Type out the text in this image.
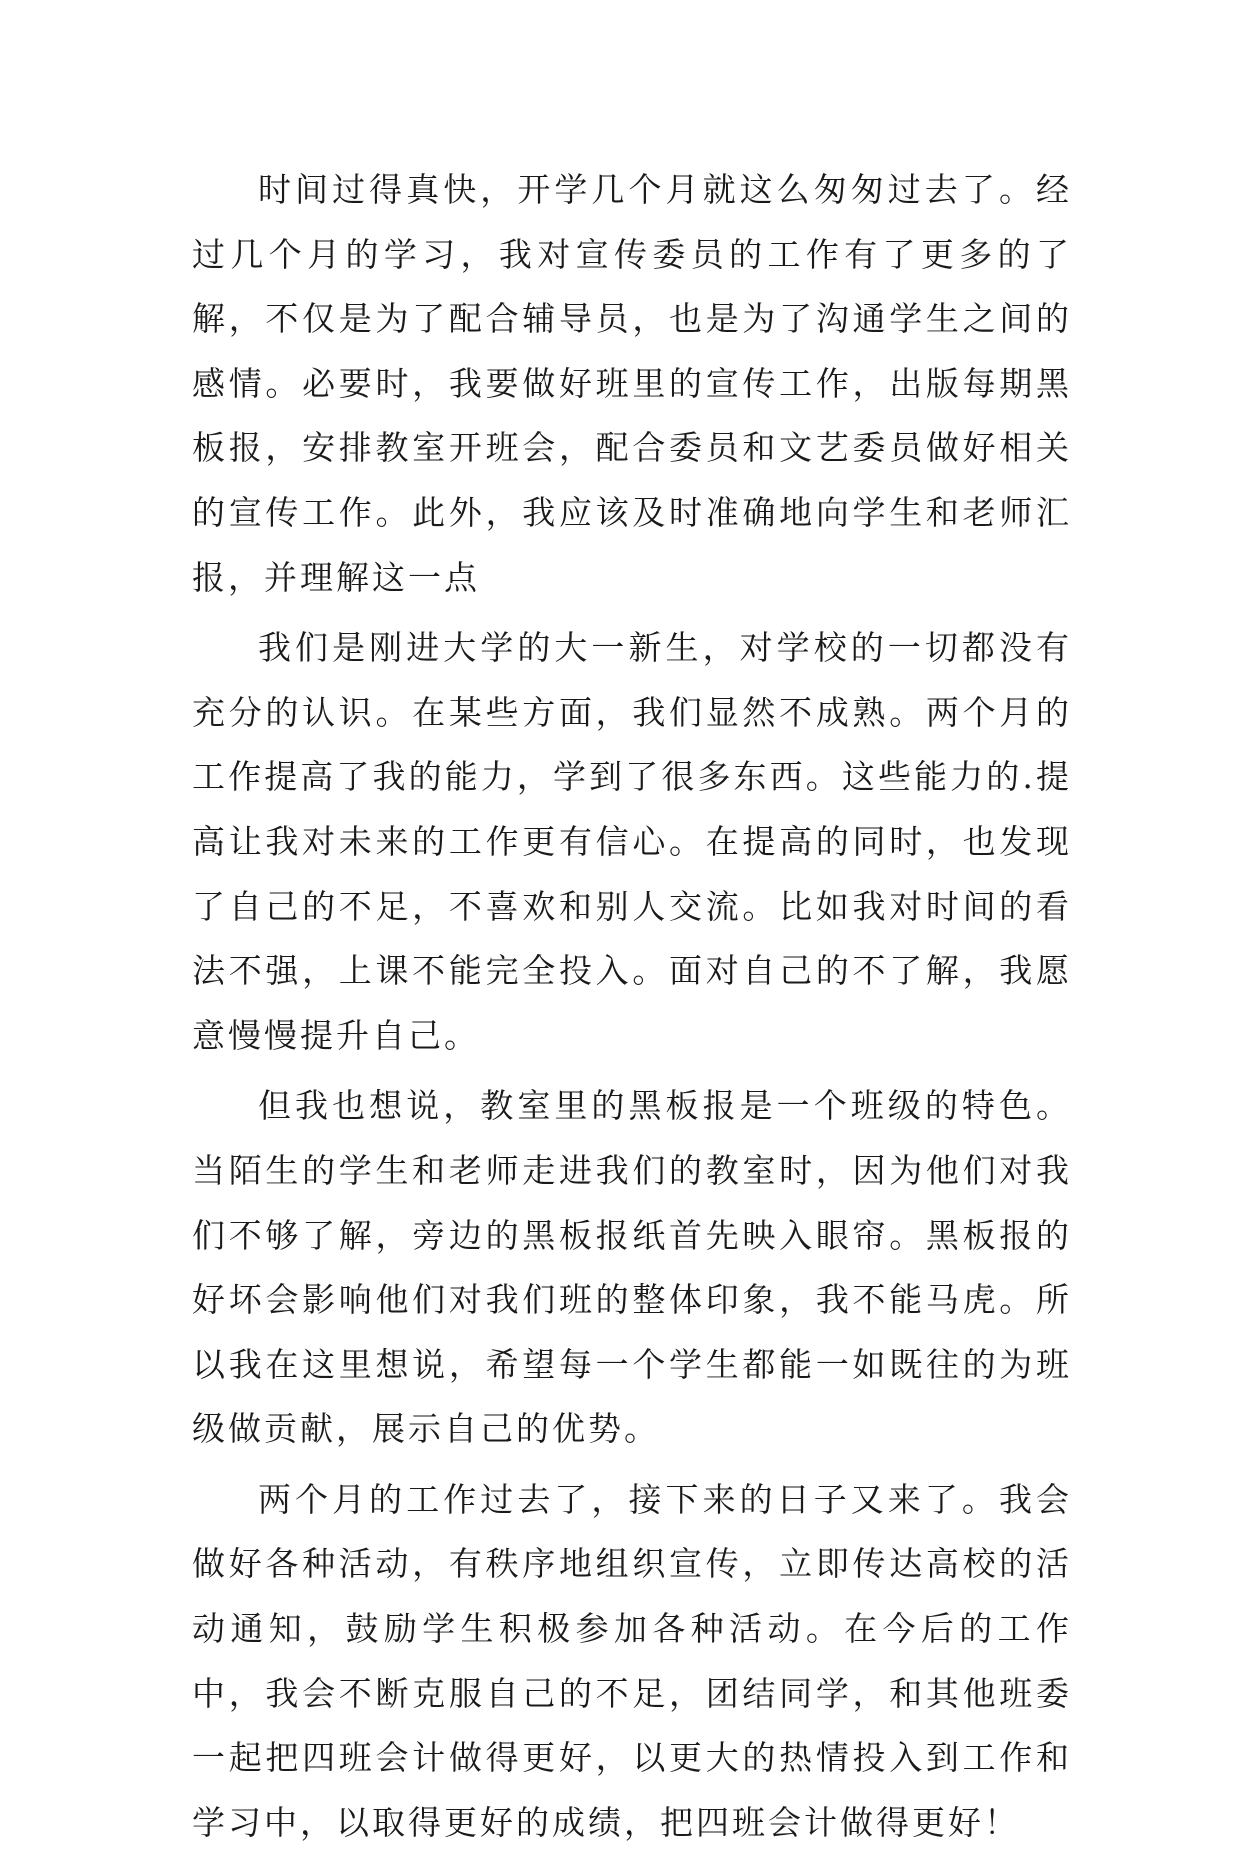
时间过得真快，开学几个月就这么匆匆过去了。经过几个月的学习，我对宣传委员的工作有了更多的了解，不仅是为了配合辅导员，也是为了沟通学生之间的感情。必要时，我要做好班里的宣传工作，出版每期黑板报，安排教室开班会，配合委员和文艺委员做好相关的宣传工作。此外，我应该及时准确地向学生和老师汇报，并理解这一点

我们是刚进大学的大一新生，对学校的一切都没有充分的认识。在某些方面，我们显然不成熟。两个月的工作提高了我的能力，学到了很多东西。这些能力的.提高让我对未来的工作更有信心。在提高的同时，也发现了自己的不足，不喜欢和别人交流。比如我对时间的看法不强，上课不能完全投入。面对自己的不了解，我愿意慢慢提升自己。

但我也想说，教室里的黑板报是一个班级的特色。当陌生的学生和老师走进我们的教室时，因为他们对我们不够了解，旁边的黑板报纸首先映入眼帘。黑板报的好坏会影响他们对我们班的整体印象，我不能马虎。所以我在这里想说，希望每一个学生都能一如既往的为班级做贡献，展示自己的优势。

两个月的工作过去了，接下来的日子又来了。我会做好各种活动，有秩序地组织宣传，立即传达高校的活动通知，鼓励学生积极参加各种活动。在今后的工作中，我会不断克服自己的不足，团结同学，和其他班委一起把四班会计做得更好，以更大的热情投入到工作和学习中，以取得更好的成绩，把四班会计做得更好！
